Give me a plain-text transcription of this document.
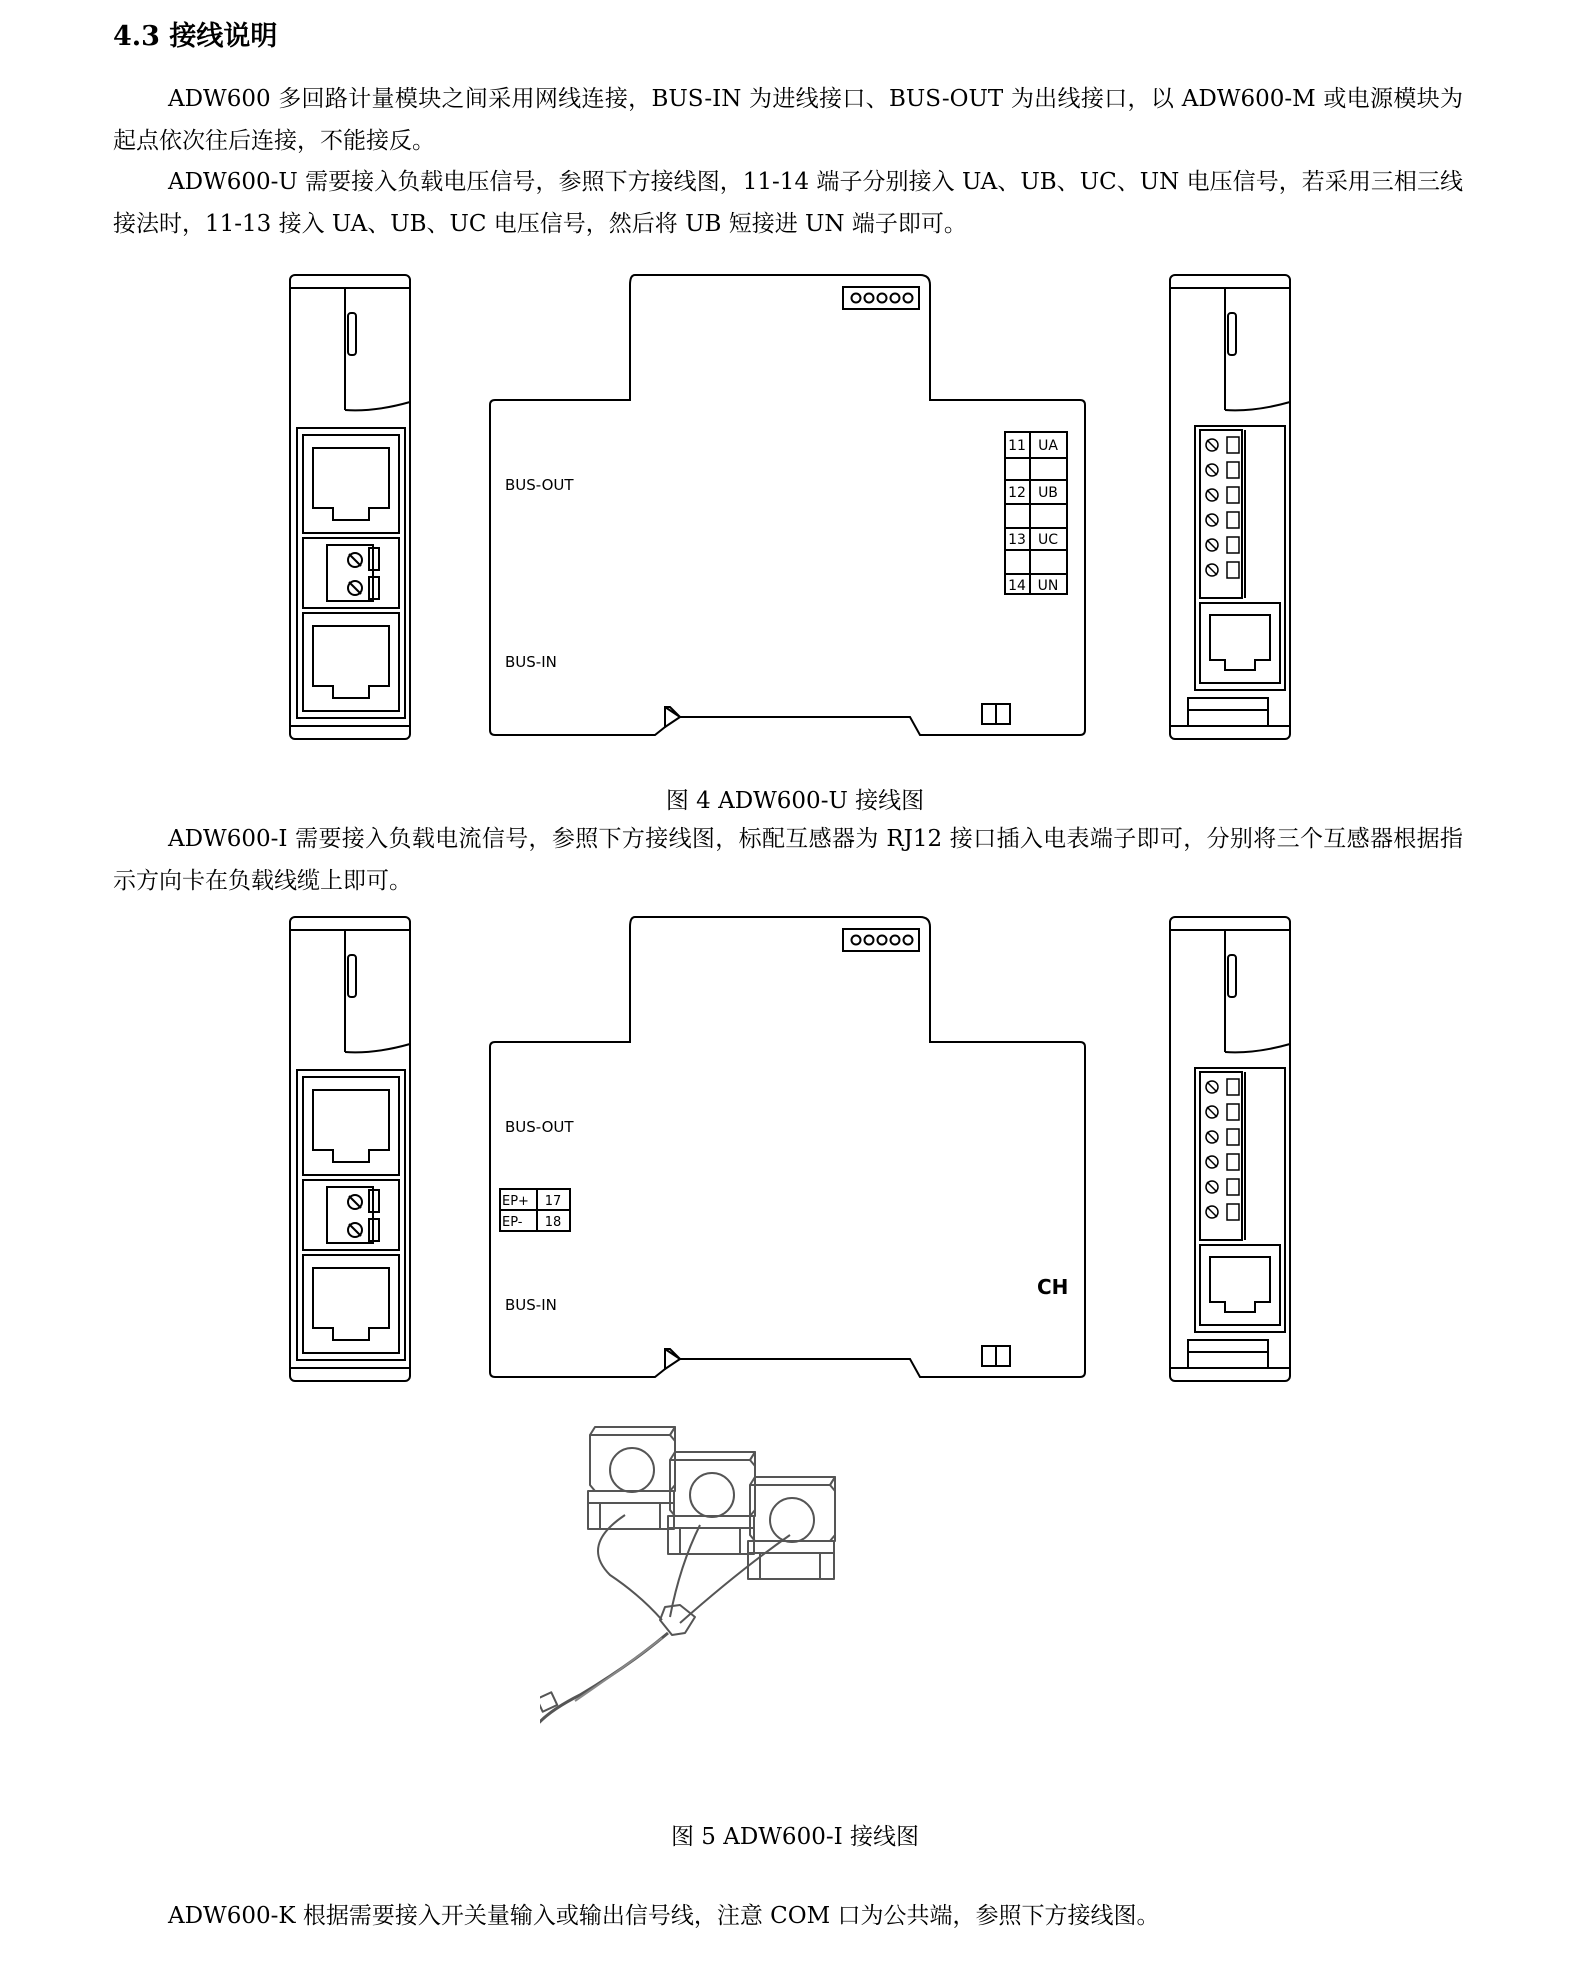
4.3 接线说明

ADW600 多回路计量模块之间采用网线连接，BUS-IN 为进线接口、BUS-OUT 为出线接口，以 ADW600-M 或电源模块为起点依次往后连接，不能接反。

ADW600-U 需要接入负载电压信号，参照下方接线图，11-14 端子分别接入 UA、UB、UC、UN 电压信号，若采用三相三线接法时，11-13 接入 UA、UB、UC 电压信号，然后将 UB 短接进 UN 端子即可。

BUS-OUT
BUS-IN
11 UA
12 UB
13 UC
14 UN

图 4 ADW600-U 接线图

ADW600-I 需要接入负载电流信号，参照下方接线图，标配互感器为 RJ12 接口插入电表端子即可，分别将三个互感器根据指示方向卡在负载线缆上即可。

BUS-OUT
BUS-IN
EP+ 17
EP- 18
CH

图 5 ADW600-I 接线图

ADW600-K 根据需要接入开关量输入或输出信号线，注意 COM 口为公共端，参照下方接线图。
